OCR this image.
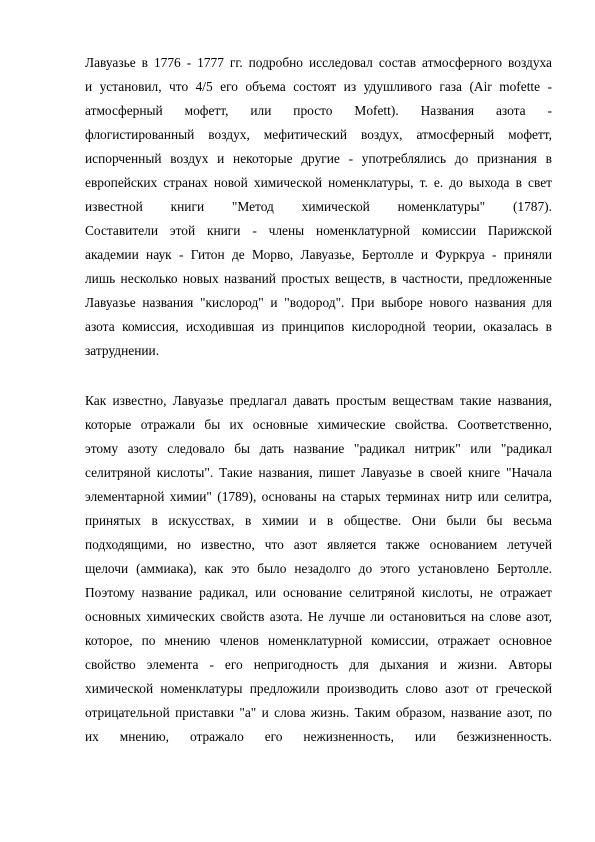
Лавуазье в 1776 - 1777 гг. подробно исследовал состав атмосферного воздуха
и установил, что 4/5 его объема состоят из удушливого газа (Air mofette -
атмосферный мофетт, или просто Mofett). Названия азота -
флогистированный воздух, мефитический воздух, атмосферный мофетт,
испорченный воздух и некоторые другие - употреблялись до признания в
европейских странах новой химической номенклатуры, т. е. до выхода в свет
известной книги "Метод химической номенклатуры" (1787).
Составители этой книги - члены номенклатурной комиссии Парижской
академии наук - Гитон де Морво, Лавуазье, Бертолле и Фуркруа - приняли
лишь несколько новых названий простых веществ, в частности, предложенные
Лавуазье названия "кислород" и "водород". При выборе нового названия для
азота комиссия, исходившая из принципов кислородной теории, оказалась в
затруднении.
Как известно, Лавуазье предлагал давать простым веществам такие названия,
которые отражали бы их основные химические свойства. Соответственно,
этому азоту следовало бы дать название "радикал нитрик" или "радикал
селитряной кислоты". Такие названия, пишет Лавуазье в своей книге "Начала
элементарной химии" (1789), основаны на старых терминах нитр или селитра,
принятых в искусствах, в химии и в обществе. Они были бы весьма
подходящими, но известно, что азот является также основанием летучей
щелочи (аммиака), как это было незадолго до этого установлено Бертолле.
Поэтому название радикал, или основание селитряной кислоты, не отражает
основных химических свойств азота. Не лучше ли остановиться на слове азот,
которое, по мнению членов номенклатурной комиссии, отражает основное
свойство элемента - его непригодность для дыхания и жизни. Авторы
химической номенклатуры предложили производить слово азот от греческой
отрицательной приставки "а" и слова жизнь. Таким образом, название азот, по
их мнению, отражало его нежизненность, или безжизненность.
